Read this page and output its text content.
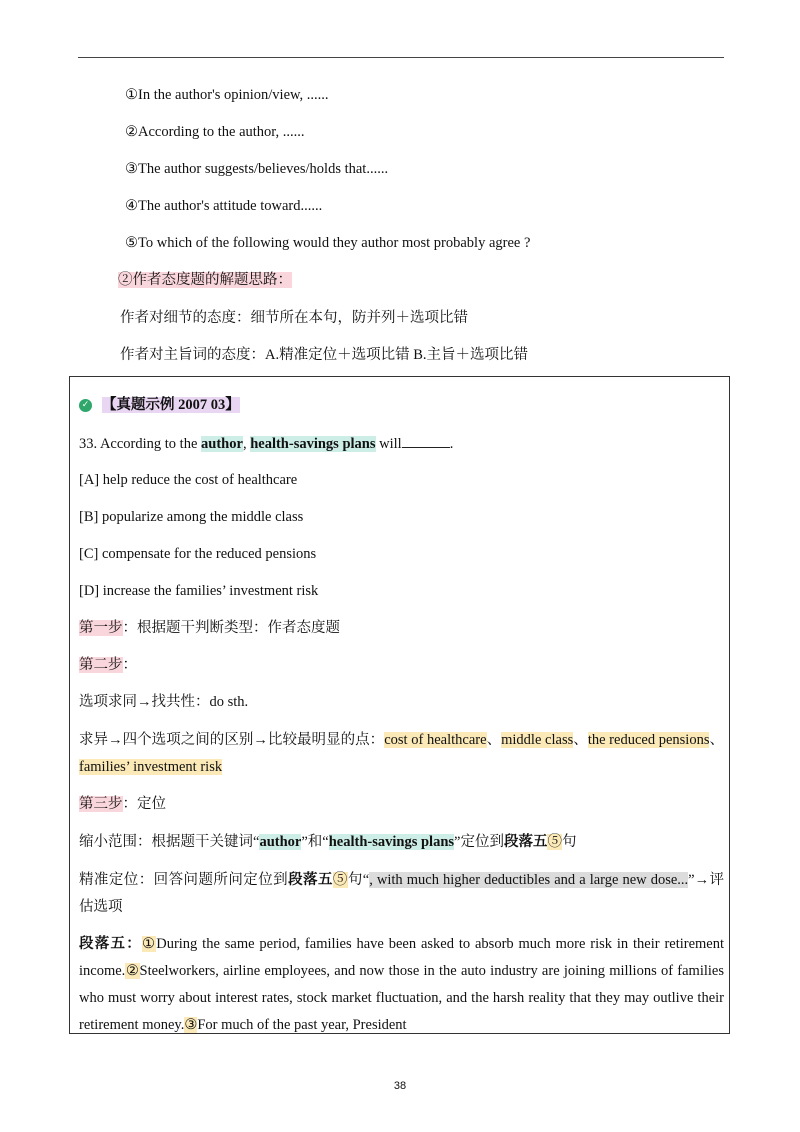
①In the author's opinion/view, ......
②According to the author, ......
③The author suggests/believes/holds that......
④The author's attitude toward......
⑤To which of the following would they author most probably agree ?
②作者态度题的解题思路：
作者对细节的态度：细节所在本句，防并列＋选项比错
作者对主旨词的态度：A.精准定位＋选项比错 B.主旨＋选项比错
✓ 【真题示例 2007 03】
33. According to the author, health-savings plans will	.
[A] help reduce the cost of healthcare
[B] popularize among the middle class
[C] compensate for the reduced pensions
[D] increase the families’ investment risk
第一步：根据题干判断类型：作者态度题
第二步：
选项求同→找共性：do sth.
求异→四个选项之间的区别→比较最明显的点：cost of healthcare、middle class、the reduced pensions、families’ investment risk
第三步：定位
缩小范围：根据题干关键词“author”和“health-savings plans”定位到段落五⑤句
精准定位：回答问题所问定位到段落五⑤句“, with much higher deductibles and a large new dose...”→评估选项
段落五：①During the same period, families have been asked to absorb much more risk in their retirement income.②Steelworkers, airline employees, and now those in the auto industry are joining millions of families who must worry about interest rates, stock market fluctuation, and the harsh reality that they may outlive their retirement money.③For much of the past year, President
38
